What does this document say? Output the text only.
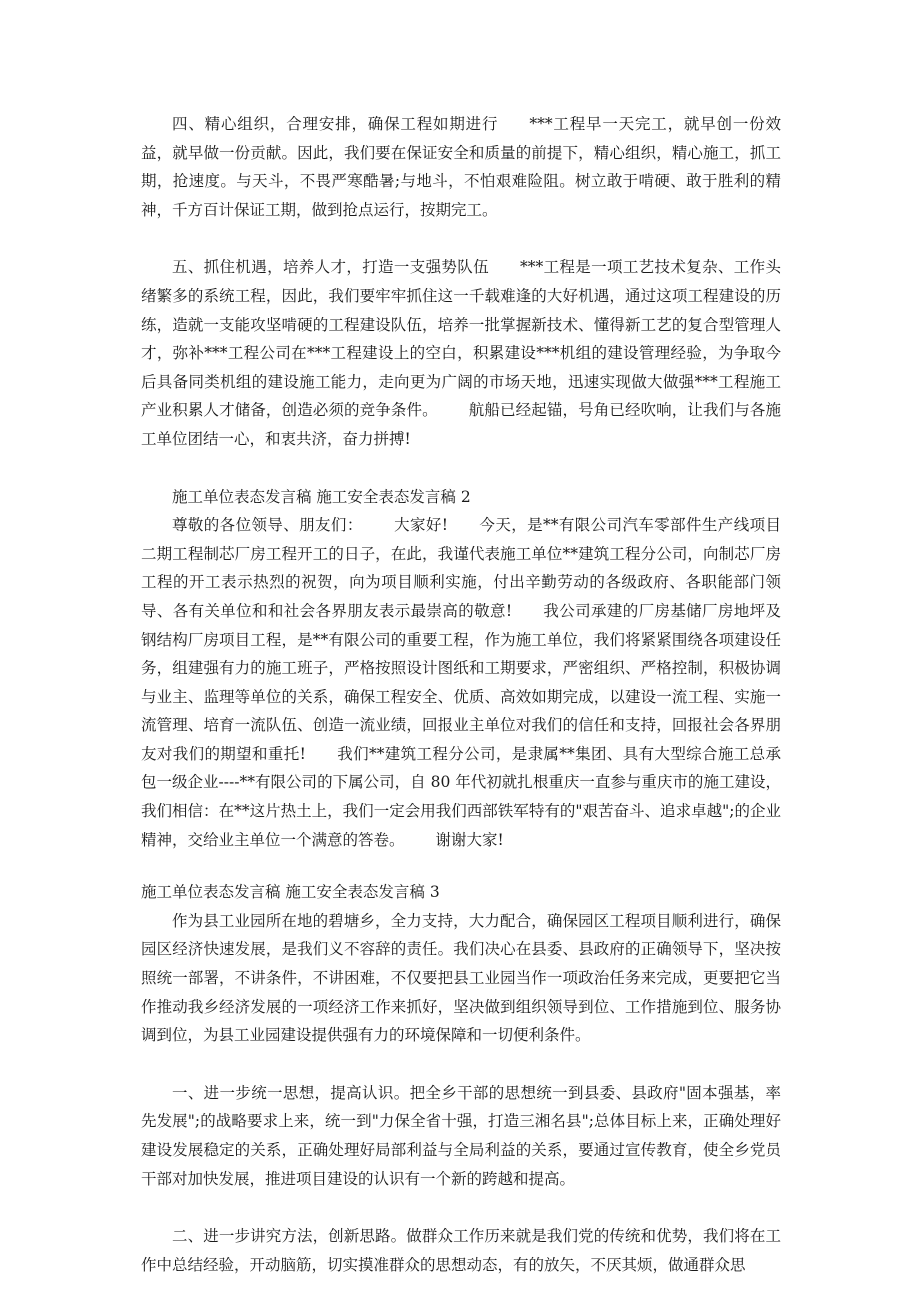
四、精心组织，合理安排，确保工程如期进行 ***工程早一天完工，就早创一份效益，就早做一份贡献。因此，我们要在保证安全和质量的前提下，精心组织，精心施工，抓工期，抢速度。与天斗，不畏严寒酷暑;与地斗，不怕艰难险阻。树立敢于啃硬、敢于胜利的精神，千方百计保证工期，做到抢点运行，按期完工。

五、抓住机遇，培养人才，打造一支强势队伍 ***工程是一项工艺技术复杂、工作头绪繁多的系统工程，因此，我们要牢牢抓住这一千载难逢的大好机遇，通过这项工程建设的历练，造就一支能攻坚啃硬的工程建设队伍，培养一批掌握新技术、懂得新工艺的复合型管理人才，弥补***工程公司在***工程建设上的空白，积累建设***机组的建设管理经验，为争取今后具备同类机组的建设施工能力，走向更为广阔的市场天地，迅速实现做大做强***工程施工产业积累人才储备，创造必须的竞争条件。 航船已经起锚，号角已经吹响，让我们与各施工单位团结一心，和衷共济，奋力拼搏!

施工单位表态发言稿 施工安全表态发言稿 2

尊敬的各位领导、朋友们： 大家好! 今天，是**有限公司汽车零部件生产线项目二期工程制芯厂房工程开工的日子，在此，我谨代表施工单位**建筑工程分公司，向制芯厂房工程的开工表示热烈的祝贺，向为项目顺利实施，付出辛勤劳动的各级政府、各职能部门领导、各有关单位和和社会各界朋友表示最崇高的敬意! 我公司承建的厂房基储厂房地坪及钢结构厂房项目工程，是**有限公司的重要工程，作为施工单位，我们将紧紧围绕各项建设任务，组建强有力的施工班子，严格按照设计图纸和工期要求，严密组织、严格控制，积极协调与业主、监理等单位的关系，确保工程安全、优质、高效如期完成，以建设一流工程、实施一流管理、培育一流队伍、创造一流业绩，回报业主单位对我们的信任和支持，回报社会各界朋友对我们的期望和重托! 我们**建筑工程分公司，是隶属**集团、具有大型综合施工总承包一级企业----**有限公司的下属公司，自 80 年代初就扎根重庆一直参与重庆市的施工建设，我们相信：在**这片热土上，我们一定会用我们西部铁军特有的"艰苦奋斗、追求卓越";的企业精神，交给业主单位一个满意的答卷。 谢谢大家!

施工单位表态发言稿 施工安全表态发言稿 3

作为县工业园所在地的碧塘乡，全力支持，大力配合，确保园区工程项目顺利进行，确保园区经济快速发展，是我们义不容辞的责任。我们决心在县委、县政府的正确领导下，坚决按照统一部署，不讲条件，不讲困难，不仅要把县工业园当作一项政治任务来完成，更要把它当作推动我乡经济发展的一项经济工作来抓好，坚决做到组织领导到位、工作措施到位、服务协调到位，为县工业园建设提供强有力的环境保障和一切便利条件。

一、进一步统一思想，提高认识。把全乡干部的思想统一到县委、县政府"固本强基，率先发展";的战略要求上来，统一到"力保全省十强，打造三湘名县";总体目标上来，正确处理好建设发展稳定的关系，正确处理好局部利益与全局利益的关系，要通过宣传教育，使全乡党员干部对加快发展，推进项目建设的认识有一个新的跨越和提高。

二、进一步讲究方法，创新思路。做群众工作历来就是我们党的传统和优势，我们将在工作中总结经验，开动脑筋，切实摸准群众的思想动态，有的放矢，不厌其烦，做通群众思
